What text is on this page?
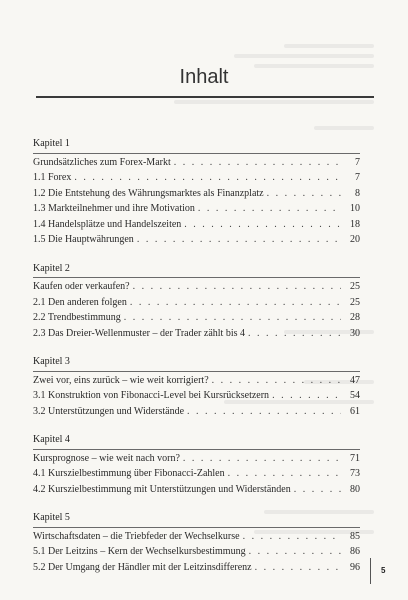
Inhalt
Kapitel 1
Grundsätzliches zum Forex-Markt . . .	7
1.1 Forex . . .	7
1.2 Die Entstehung des Währungsmarktes als Finanzplatz . . .	8
1.3 Markteilnehmer und ihre Motivation . . .	10
1.4 Handelsplätze und Handelszeiten . . .	18
1.5 Die Hauptwährungen . . .	20
Kapitel 2
Kaufen oder verkaufen? . . .	25
2.1 Den anderen folgen . . .	25
2.2 Trendbestimmung . . .	28
2.3 Das Dreier-Wellenmuster – der Trader zählt bis 4 . . .	30
Kapitel 3
Zwei vor, eins zurück – wie weit korrigiert? . . .	47
3.1 Konstruktion von Fibonacci-Level bei Kursrücksetzern . . .	54
3.2 Unterstützungen und Widerstände . . .	61
Kapitel 4
Kursprognose – wie weit nach vorn? . . .	71
4.1 Kurszielbestimmung über Fibonacci-Zahlen . . .	73
4.2 Kurszielbestimmung mit Unterstützungen und Widerständen . . .	80
Kapitel 5
Wirtschaftsdaten – die Triebfeder der Wechselkurse . . .	85
5.1 Der Leitzins – Kern der Wechselkursbestimmung . . .	86
5.2 Der Umgang der Händler mit der Leitzinsdifferenz . . .	96	5
